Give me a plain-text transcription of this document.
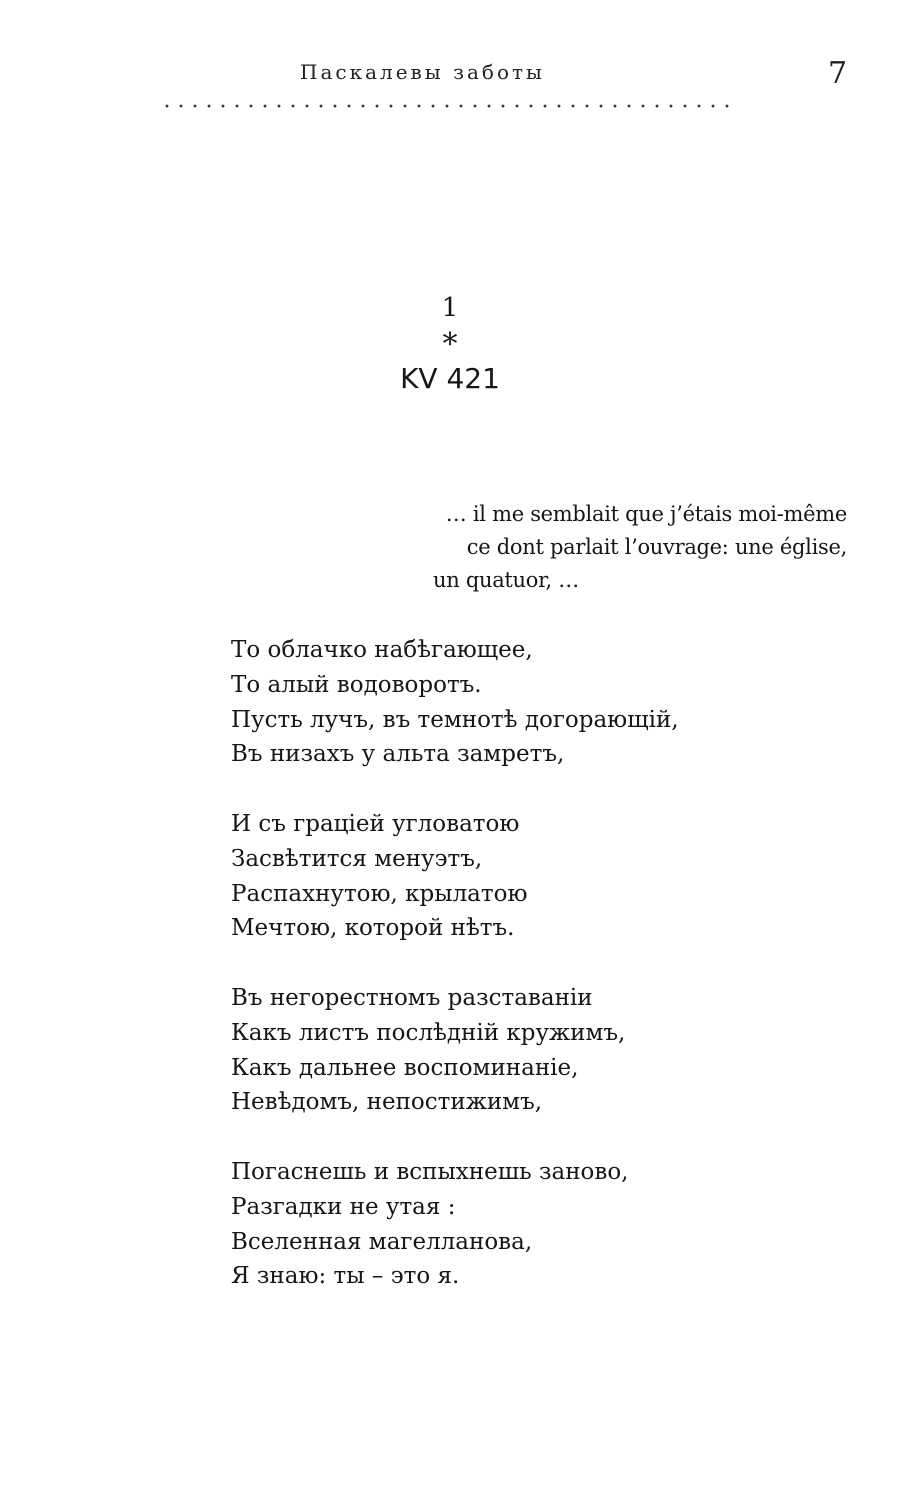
Паскалевы заботы	7
1
*
KV 421
… il me semblait que j’étais moi-même
ce dont parlait l’ouvrage: une église,
un quatuor, …
То облачко набѣгающее,
То алый водоворотъ.
Пусть лучъ, въ темнотѣ догорающій,
Въ низахъ у альта замретъ,
И съ граціей угловатою
Засвѣтится менуэтъ,
Распахнутою, крылатою
Мечтою, которой нѣтъ.
Въ негорестномъ разставаніи
Какъ листъ послѣдній кружимъ,
Какъ дальнее воспоминаніе,
Невѣдомъ, непостижимъ,
Погаснешь и вспыхнешь заново,
Разгадки не утая :
Вселенная магелланова,
Я знаю: ты – это я.
